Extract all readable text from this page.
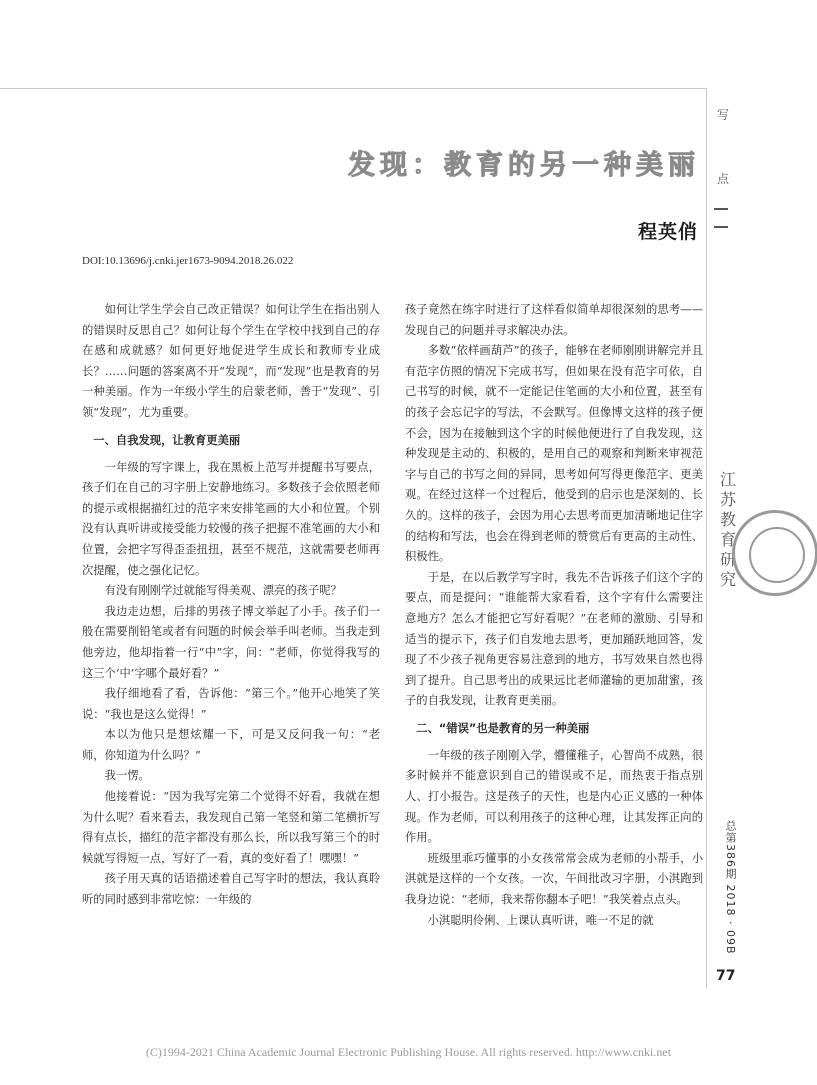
发现：教育的另一种美丽
程英俏
DOI:10.13696/j.cnki.jer1673-9094.2018.26.022
写
点
江苏教育研究
总第386期 2018 · 09B
77

如何让学生学会自己改正错误？如何让学生在指出别人的错误时反思自己？如何让每个学生在学校中找到自己的存在感和成就感？如何更好地促进学生成长和教师专业成长？……问题的答案离不开“发现”，而“发现”也是教育的另一种美丽。作为一年级小学生的启蒙老师，善于“发现”、引领“发现”，尤为重要。

一、自我发现，让教育更美丽

一年级的写字课上，我在黑板上范写并提醒书写要点，孩子们在自己的习字册上安静地练习。多数孩子会依照老师的提示或根据描红过的范字来安排笔画的大小和位置。个别没有认真听讲或接受能力较慢的孩子把握不准笔画的大小和位置，会把字写得歪歪扭扭，甚至不规范，这就需要老师再次提醒，使之强化记忆。

有没有刚刚学过就能写得美观、漂亮的孩子呢？

我边走边想，后排的男孩子博文举起了小手。孩子们一般在需要削铅笔或者有问题的时候会举手叫老师。当我走到他旁边，他却指着一行“中”字，问：“老师，你觉得我写的这三个‘中’字哪个最好看？”

我仔细地看了看，告诉他：“第三个。”他开心地笑了笑说：“我也是这么觉得！”

本以为他只是想炫耀一下，可是又反问我一句：“老师，你知道为什么吗？”

我一愣。

他接着说：“因为我写完第二个觉得不好看，我就在想为什么呢？看来看去，我发现自己第一笔竖和第二笔横折写得有点长，描红的范字都没有那么长，所以我写第三个的时候就写得短一点，写好了一看，真的变好看了！嘿嘿！”

孩子用天真的话语描述着自己写字时的想法，我认真聆听的同时感到非常吃惊：一年级的

孩子竟然在练字时进行了这样看似简单却很深刻的思考——发现自己的问题并寻求解决办法。

多数“依样画葫芦”的孩子，能够在老师刚刚讲解完并且有范字仿照的情况下完成书写，但如果在没有范字可依，自己书写的时候，就不一定能记住笔画的大小和位置，甚至有的孩子会忘记字的写法，不会默写。但像博文这样的孩子便不会，因为在接触到这个字的时候他便进行了自我发现，这种发现是主动的、积极的，是用自己的观察和判断来审视范字与自己的书写之间的异同，思考如何写得更像范字、更美观。在经过这样一个过程后，他受到的启示也是深刻的、长久的。这样的孩子，会因为用心去思考而更加清晰地记住字的结构和写法，也会在得到老师的赞赏后有更高的主动性、积极性。

于是，在以后教学写字时，我先不告诉孩子们这个字的要点，而是提问：“谁能帮大家看看，这个字有什么需要注意地方？怎么才能把它写好看呢？”在老师的激励、引导和适当的提示下，孩子们自发地去思考，更加踊跃地回答，发现了不少孩子视角更容易注意到的地方，书写效果自然也得到了提升。自己思考出的成果远比老师灌输的更加甜蜜，孩子的自我发现，让教育更美丽。

二、“错误”也是教育的另一种美丽

一年级的孩子刚刚入学，懵懂稚子，心智尚不成熟，很多时候并不能意识到自己的错误或不足，而热衷于指点别人、打小报告。这是孩子的天性，也是内心正义感的一种体现。作为老师，可以利用孩子的这种心理，让其发挥正向的作用。

班级里乖巧懂事的小女孩常常会成为老师的小帮手，小淇就是这样的一个女孩。一次，午间批改习字册，小淇跑到我身边说：“老师，我来帮你翻本子吧！”我笑着点点头。

小淇聪明伶俐、上课认真听讲，唯一不足的就

(C)1994-2021 China Academic Journal Electronic Publishing House. All rights reserved. http://www.cnki.net
